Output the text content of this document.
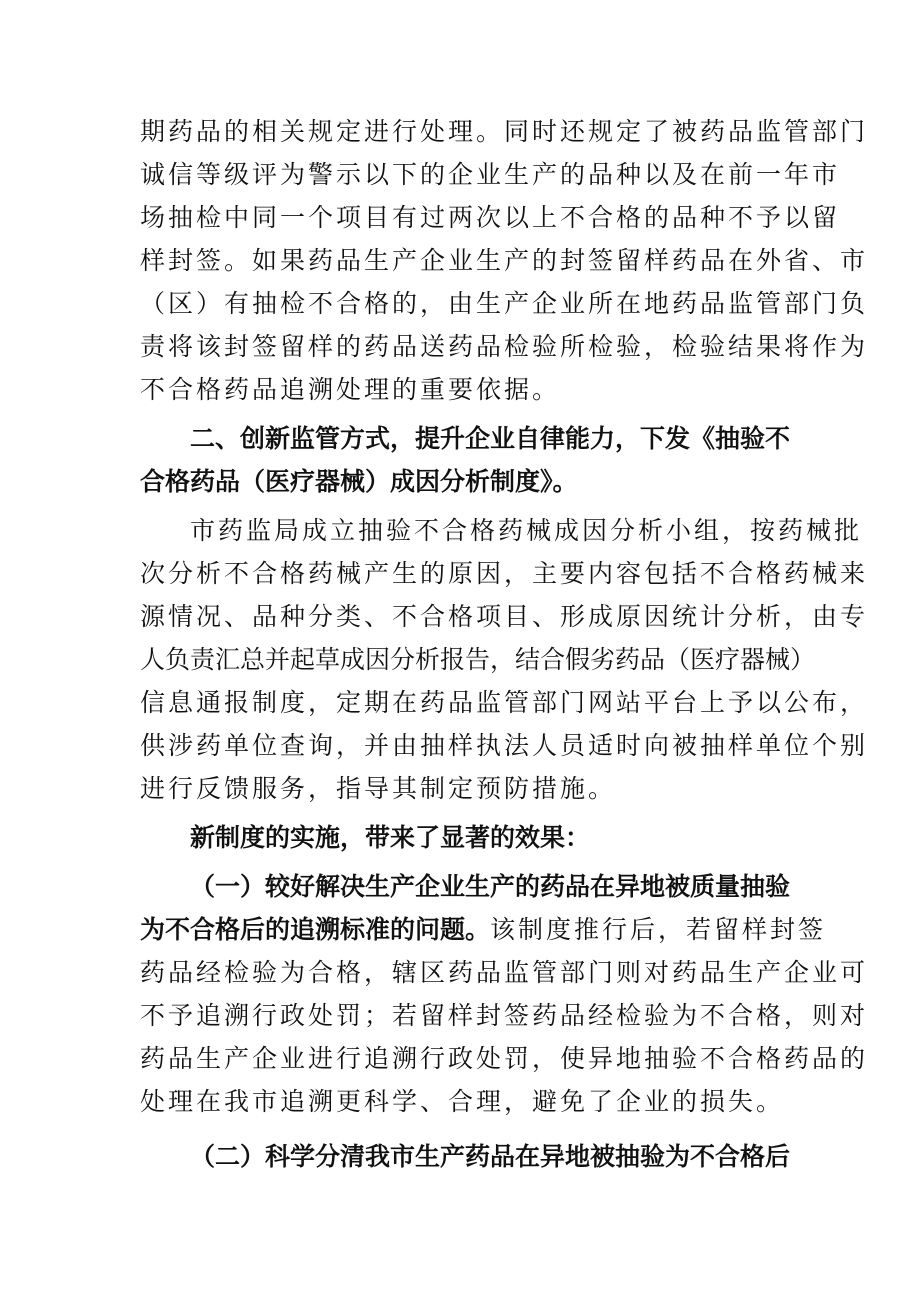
期药品的相关规定进行处理。同时还规定了被药品监管部门
诚信等级评为警示以下的企业生产的品种以及在前一年市
场抽检中同一个项目有过两次以上不合格的品种不予以留
样封签。如果药品生产企业生产的封签留样药品在外省、市
（区）有抽检不合格的，由生产企业所在地药品监管部门负
责将该封签留样的药品送药品检验所检验，检验结果将作为
不合格药品追溯处理的重要依据。

二、创新监管方式，提升企业自律能力，下发《抽验不
合格药品（医疗器械）成因分析制度》。

市药监局成立抽验不合格药械成因分析小组，按药械批
次分析不合格药械产生的原因，主要内容包括不合格药械来
源情况、品种分类、不合格项目、形成原因统计分析，由专
人负责汇总并起草成因分析报告，结合假劣药品（医疗器械）
信息通报制度，定期在药品监管部门网站平台上予以公布，
供涉药单位查询，并由抽样执法人员适时向被抽样单位个别
进行反馈服务，指导其制定预防措施。

新制度的实施，带来了显著的效果：

（一）较好解决生产企业生产的药品在异地被质量抽验
为不合格后的追溯标准的问题。该制度推行后，若留样封签
药品经检验为合格，辖区药品监管部门则对药品生产企业可
不予追溯行政处罚；若留样封签药品经检验为不合格，则对
药品生产企业进行追溯行政处罚，使异地抽验不合格药品的
处理在我市追溯更科学、合理，避免了企业的损失。

（二）科学分清我市生产药品在异地被抽验为不合格后
